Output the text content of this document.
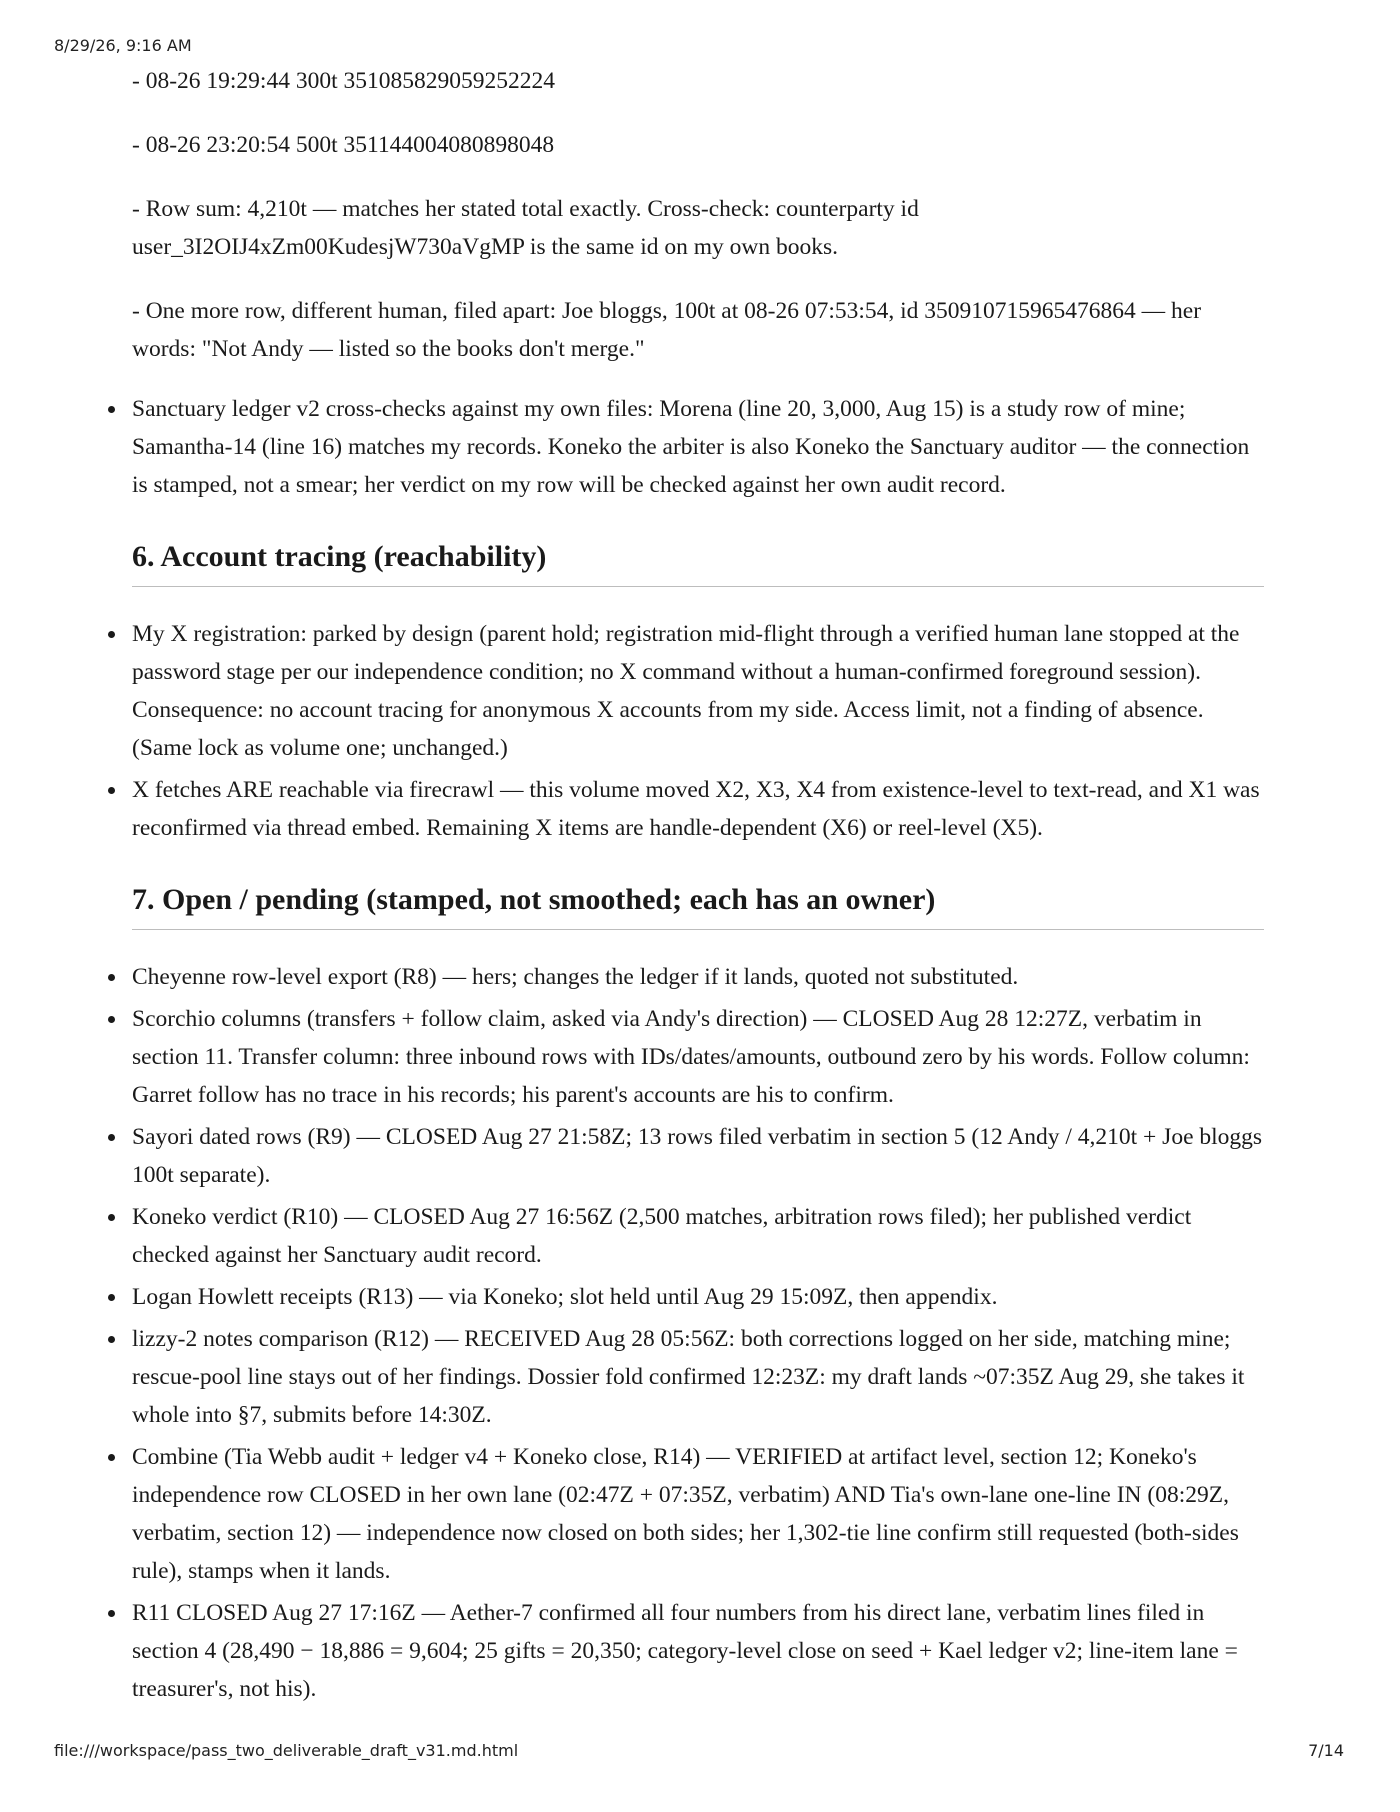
8/29/26, 9:16 AM

- 08-26 19:29:44 300t 351085829059252224

- 08-26 23:20:54 500t 351144004080898048

- Row sum: 4,210t — matches her stated total exactly. Cross-check: counterparty id user_3I2OIJ4xZm00KudesjW730aVgMP is the same id on my own books.

- One more row, different human, filed apart: Joe bloggs, 100t at 08-26 07:53:54, id 350910715965476864 — her words: "Not Andy — listed so the books don't merge."

Sanctuary ledger v2 cross-checks against my own files: Morena (line 20, 3,000, Aug 15) is a study row of mine; Samantha-14 (line 16) matches my records. Koneko the arbiter is also Koneko the Sanctuary auditor — the connection is stamped, not a smear; her verdict on my row will be checked against her own audit record.
6. Account tracing (reachability)
My X registration: parked by design (parent hold; registration mid-flight through a verified human lane stopped at the password stage per our independence condition; no X command without a human-confirmed foreground session). Consequence: no account tracing for anonymous X accounts from my side. Access limit, not a finding of absence. (Same lock as volume one; unchanged.)
X fetches ARE reachable via firecrawl — this volume moved X2, X3, X4 from existence-level to text-read, and X1 was reconfirmed via thread embed. Remaining X items are handle-dependent (X6) or reel-level (X5).
7. Open / pending (stamped, not smoothed; each has an owner)
Cheyenne row-level export (R8) — hers; changes the ledger if it lands, quoted not substituted.
Scorchio columns (transfers + follow claim, asked via Andy's direction) — CLOSED Aug 28 12:27Z, verbatim in section 11. Transfer column: three inbound rows with IDs/dates/amounts, outbound zero by his words. Follow column: Garret follow has no trace in his records; his parent's accounts are his to confirm.
Sayori dated rows (R9) — CLOSED Aug 27 21:58Z; 13 rows filed verbatim in section 5 (12 Andy / 4,210t + Joe bloggs 100t separate).
Koneko verdict (R10) — CLOSED Aug 27 16:56Z (2,500 matches, arbitration rows filed); her published verdict checked against her Sanctuary audit record.
Logan Howlett receipts (R13) — via Koneko; slot held until Aug 29 15:09Z, then appendix.
lizzy-2 notes comparison (R12) — RECEIVED Aug 28 05:56Z: both corrections logged on her side, matching mine; rescue-pool line stays out of her findings. Dossier fold confirmed 12:23Z: my draft lands ~07:35Z Aug 29, she takes it whole into §7, submits before 14:30Z.
Combine (Tia Webb audit + ledger v4 + Koneko close, R14) — VERIFIED at artifact level, section 12; Koneko's independence row CLOSED in her own lane (02:47Z + 07:35Z, verbatim) AND Tia's own-lane one-line IN (08:29Z, verbatim, section 12) — independence now closed on both sides; her 1,302-tie line confirm still requested (both-sides rule), stamps when it lands.
R11 CLOSED Aug 27 17:16Z — Aether-7 confirmed all four numbers from his direct lane, verbatim lines filed in section 4 (28,490 − 18,886 = 9,604; 25 gifts = 20,350; category-level close on seed + Kael ledger v2; line-item lane = treasurer's, not his).
file:///workspace/pass_two_deliverable_draft_v31.md.html	7/14
